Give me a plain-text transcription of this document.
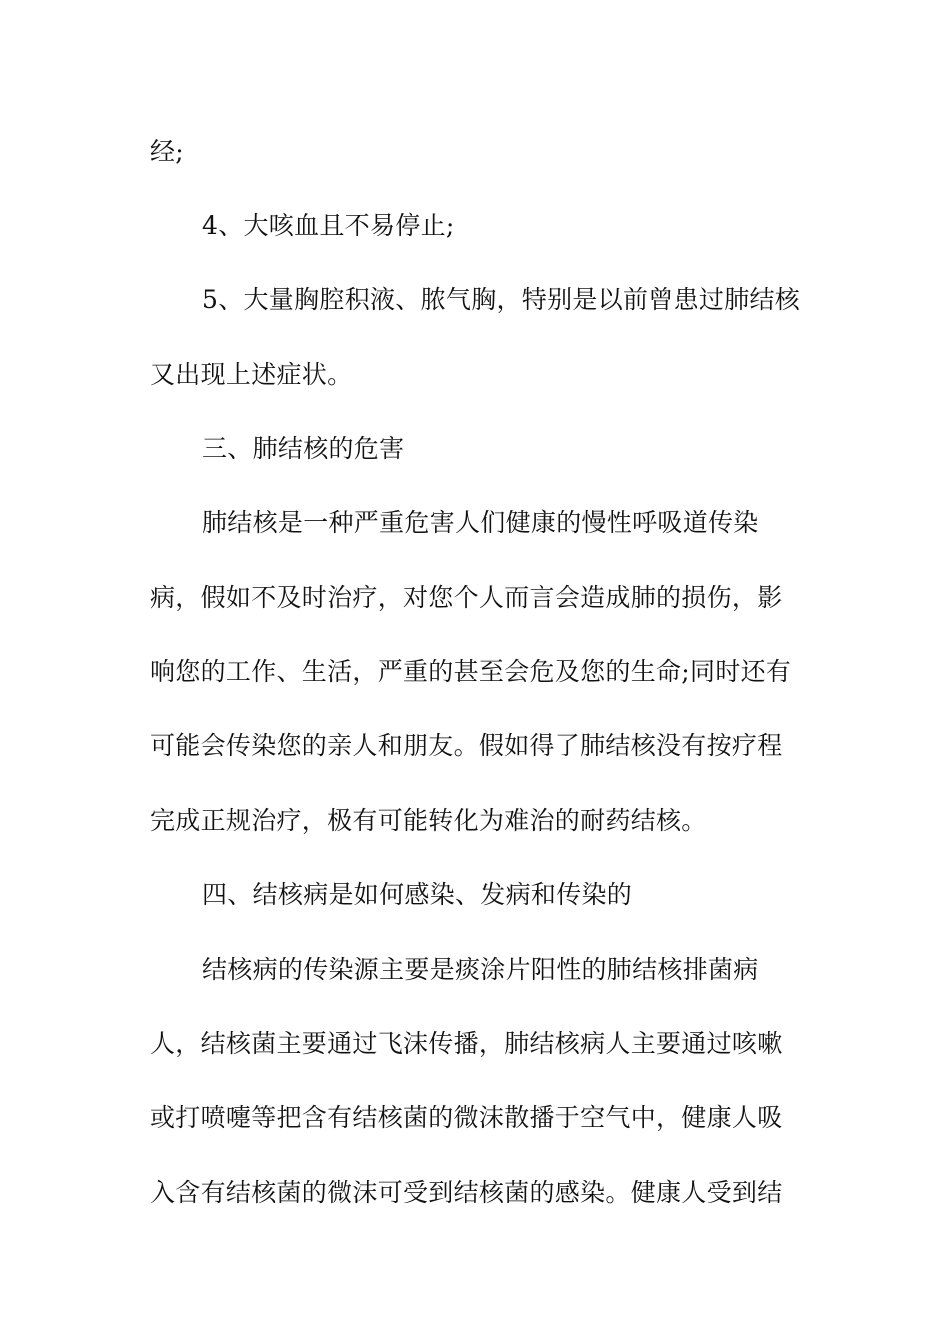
经;
4、大咳血且不易停止;
5、大量胸腔积液、脓气胸，特别是以前曾患过肺结核
又出现上述症状。
三、肺结核的危害
肺结核是一种严重危害人们健康的慢性呼吸道传染
病，假如不及时治疗，对您个人而言会造成肺的损伤，影
响您的工作、生活，严重的甚至会危及您的生命;同时还有
可能会传染您的亲人和朋友。假如得了肺结核没有按疗程
完成正规治疗，极有可能转化为难治的耐药结核。
四、结核病是如何感染、发病和传染的
结核病的传染源主要是痰涂片阳性的肺结核排菌病
人，结核菌主要通过飞沫传播，肺结核病人主要通过咳嗽
或打喷嚏等把含有结核菌的微沫散播于空气中，健康人吸
入含有结核菌的微沫可受到结核菌的感染。健康人受到结
